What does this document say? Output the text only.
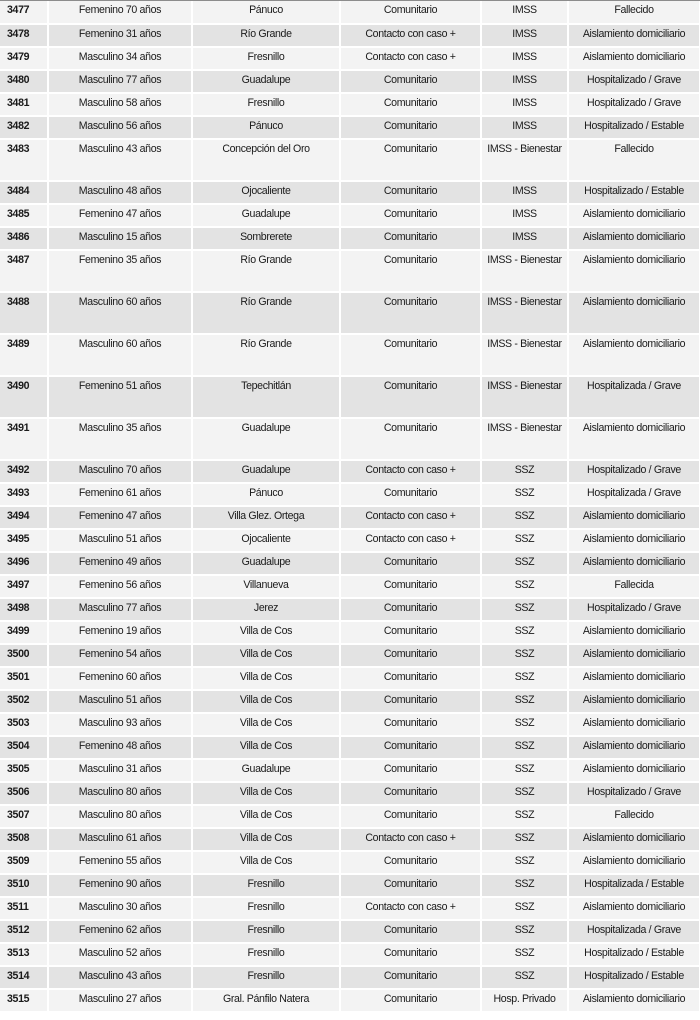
3477	Femenino 70 años	Pánuco	Comunitario	IMSS	Fallecido
3478	Femenino 31 años	Río Grande	Contacto con caso +	IMSS	Aislamiento domiciliario
3479	Masculino 34 años	Fresnillo	Contacto con caso +	IMSS	Aislamiento domiciliario
3480	Masculino 77 años	Guadalupe	Comunitario	IMSS	Hospitalizado / Grave
3481	Masculino 58 años	Fresnillo	Comunitario	IMSS	Hospitalizado / Grave
3482	Masculino 56 años	Pánuco	Comunitario	IMSS	Hospitalizado / Estable
3483	Masculino 43 años	Concepción del Oro	Comunitario	IMSS - Bienestar	Fallecido
3484	Masculino 48 años	Ojocaliente	Comunitario	IMSS	Hospitalizado / Estable
3485	Femenino 47 años	Guadalupe	Comunitario	IMSS	Aislamiento domiciliario
3486	Masculino 15 años	Sombrerete	Comunitario	IMSS	Aislamiento domiciliario
3487	Femenino 35 años	Río Grande	Comunitario	IMSS - Bienestar	Aislamiento domiciliario
3488	Masculino 60 años	Río Grande	Comunitario	IMSS - Bienestar	Aislamiento domiciliario
3489	Masculino 60 años	Río Grande	Comunitario	IMSS - Bienestar	Aislamiento domiciliario
3490	Femenino 51 años	Tepechitlán	Comunitario	IMSS - Bienestar	Hospitalizada / Grave
3491	Masculino 35 años	Guadalupe	Comunitario	IMSS - Bienestar	Aislamiento domiciliario
3492	Masculino 70 años	Guadalupe	Contacto con caso +	SSZ	Hospitalizado / Grave
3493	Femenino 61 años	Pánuco	Comunitario	SSZ	Hospitalizada / Grave
3494	Femenino 47 años	Villa Glez. Ortega	Contacto con caso +	SSZ	Aislamiento domiciliario
3495	Masculino 51 años	Ojocaliente	Contacto con caso +	SSZ	Aislamiento domiciliario
3496	Femenino 49 años	Guadalupe	Comunitario	SSZ	Aislamiento domiciliario
3497	Femenino 56 años	Villanueva	Comunitario	SSZ	Fallecida
3498	Masculino 77 años	Jerez	Comunitario	SSZ	Hospitalizado / Grave
3499	Femenino 19 años	Villa de Cos	Comunitario	SSZ	Aislamiento domiciliario
3500	Femenino 54 años	Villa de Cos	Comunitario	SSZ	Aislamiento domiciliario
3501	Femenino 60 años	Villa de Cos	Comunitario	SSZ	Aislamiento domiciliario
3502	Masculino 51 años	Villa de Cos	Comunitario	SSZ	Aislamiento domiciliario
3503	Masculino 93 años	Villa de Cos	Comunitario	SSZ	Aislamiento domiciliario
3504	Femenino 48 años	Villa de Cos	Comunitario	SSZ	Aislamiento domiciliario
3505	Masculino 31 años	Guadalupe	Comunitario	SSZ	Aislamiento domiciliario
3506	Masculino 80 años	Villa de Cos	Comunitario	SSZ	Hospitalizado / Grave
3507	Masculino 80 años	Villa de Cos	Comunitario	SSZ	Fallecido
3508	Masculino 61 años	Villa de Cos	Contacto con caso +	SSZ	Aislamiento domiciliario
3509	Femenino 55 años	Villa de Cos	Comunitario	SSZ	Aislamiento domiciliario
3510	Femenino 90 años	Fresnillo	Comunitario	SSZ	Hospitalizada / Estable
3511	Masculino 30 años	Fresnillo	Contacto con caso +	SSZ	Aislamiento domiciliario
3512	Femenino 62 años	Fresnillo	Comunitario	SSZ	Hospitalizada / Grave
3513	Masculino 52 años	Fresnillo	Comunitario	SSZ	Hospitalizado / Estable
3514	Masculino 43 años	Fresnillo	Comunitario	SSZ	Hospitalizado / Estable
3515	Masculino 27 años	Gral. Pánfilo Natera	Comunitario	Hosp. Privado	Aislamiento domiciliario
